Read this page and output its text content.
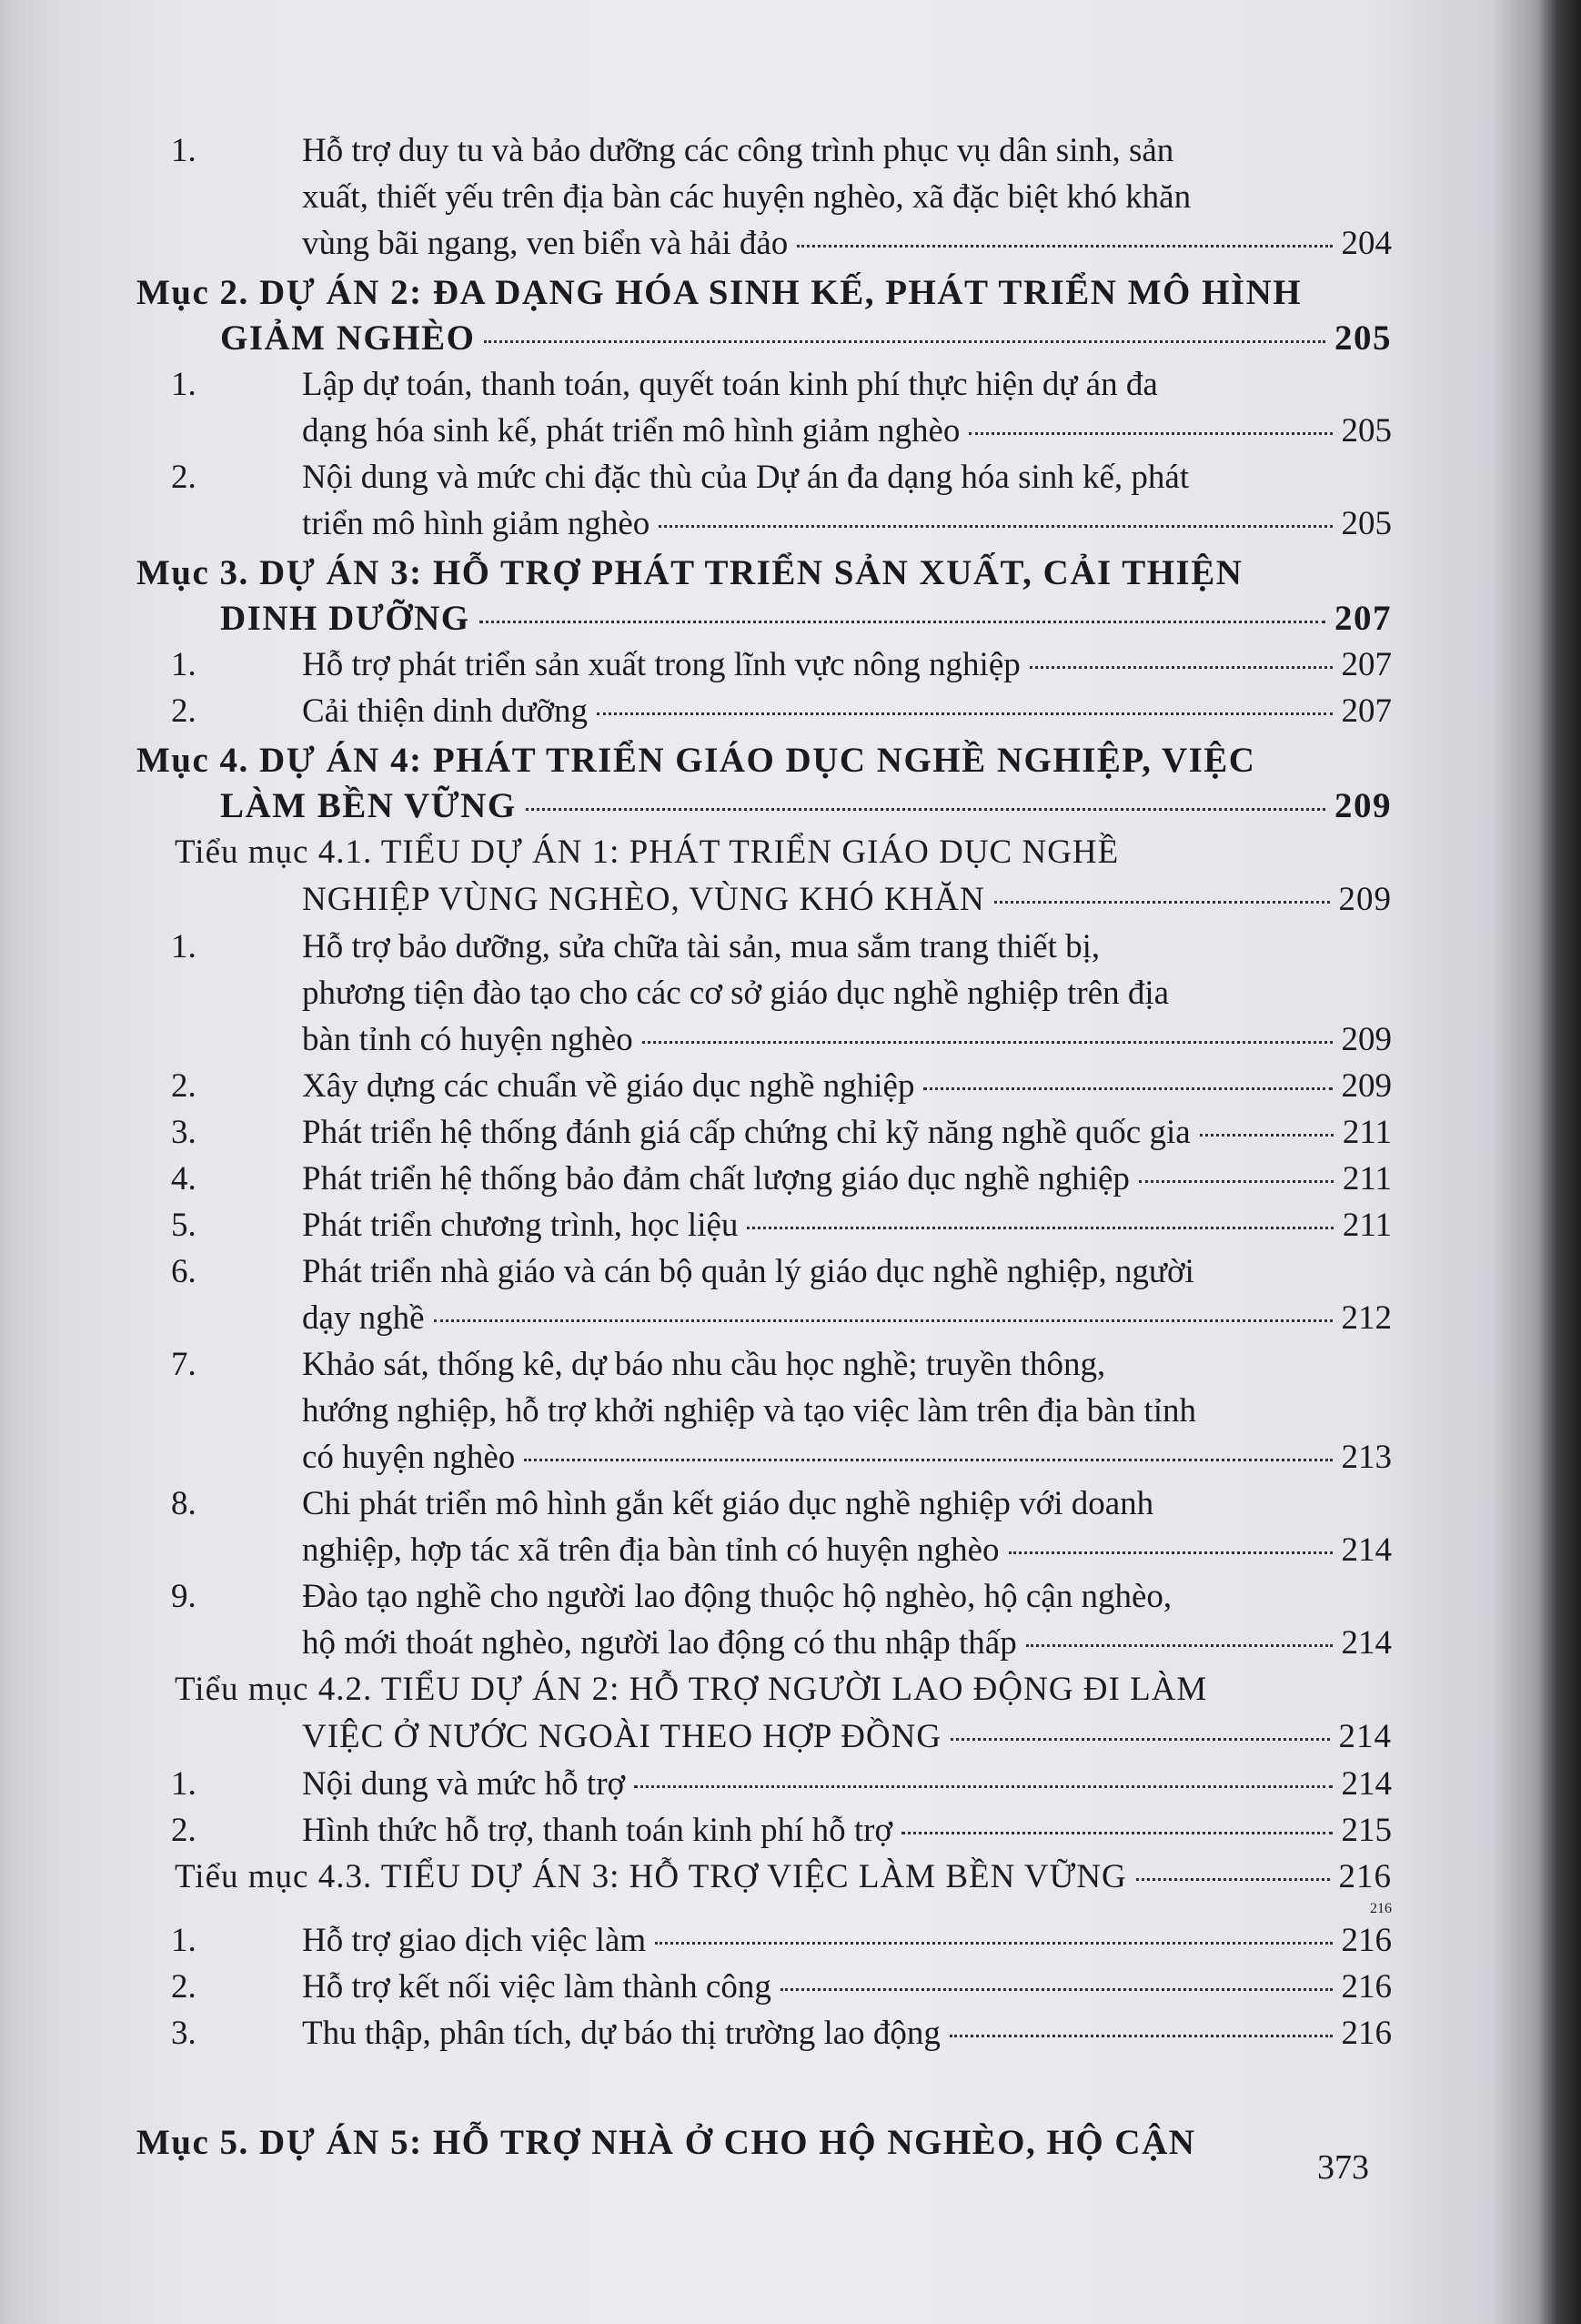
1.	Hỗ trợ duy tu và bảo dưỡng các công trình phục vụ dân sinh, sản
xuất, thiết yếu trên địa bàn các huyện nghèo, xã đặc biệt khó khăn
vùng bãi ngang, ven biển và hải đảo	204
Mục 2. DỰ ÁN 2: ĐA DẠNG HÓA SINH KẾ, PHÁT TRIỂN MÔ HÌNH
GIẢM NGHÈO	205
1.	Lập dự toán, thanh toán, quyết toán kinh phí thực hiện dự án đa
dạng hóa sinh kế, phát triển mô hình giảm nghèo	205
2.	Nội dung và mức chi đặc thù của Dự án đa dạng hóa sinh kế, phát
triển mô hình giảm nghèo	205
Mục 3. DỰ ÁN 3: HỖ TRỢ PHÁT TRIỂN SẢN XUẤT, CẢI THIỆN
DINH DƯỠNG	207
1.	Hỗ trợ phát triển sản xuất trong lĩnh vực nông nghiệp	207
2.	Cải thiện dinh dưỡng	207
Mục 4. DỰ ÁN 4: PHÁT TRIỂN GIÁO DỤC NGHỀ NGHIỆP, VIỆC
LÀM BỀN VỮNG	209
Tiểu mục 4.1. TIỂU DỰ ÁN 1: PHÁT TRIỂN GIÁO DỤC NGHỀ
NGHIỆP VÙNG NGHÈO, VÙNG KHÓ KHĂN	209
1.	Hỗ trợ bảo dưỡng, sửa chữa tài sản, mua sắm trang thiết bị,
phương tiện đào tạo cho các cơ sở giáo dục nghề nghiệp trên địa
bàn tỉnh có huyện nghèo	209
2.	Xây dựng các chuẩn về giáo dục nghề nghiệp	209
3.	Phát triển hệ thống đánh giá cấp chứng chỉ kỹ năng nghề quốc gia	211
4.	Phát triển hệ thống bảo đảm chất lượng giáo dục nghề nghiệp	211
5.	Phát triển chương trình, học liệu	211
6.	Phát triển nhà giáo và cán bộ quản lý giáo dục nghề nghiệp, người
dạy nghề	212
7.	Khảo sát, thống kê, dự báo nhu cầu học nghề; truyền thông,
hướng nghiệp, hỗ trợ khởi nghiệp và tạo việc làm trên địa bàn tỉnh
có huyện nghèo	213
8.	Chi phát triển mô hình gắn kết giáo dục nghề nghiệp với doanh
nghiệp, hợp tác xã trên địa bàn tỉnh có huyện nghèo	214
9.	Đào tạo nghề cho người lao động thuộc hộ nghèo, hộ cận nghèo,
hộ mới thoát nghèo, người lao động có thu nhập thấp	214
Tiểu mục 4.2. TIỂU DỰ ÁN 2: HỖ TRỢ NGƯỜI LAO ĐỘNG ĐI LÀM
VIỆC Ở NƯỚC NGOÀI THEO HỢP ĐỒNG	214
1.	Nội dung và mức hỗ trợ	214
2.	Hình thức hỗ trợ, thanh toán kinh phí hỗ trợ	215
Tiểu mục 4.3. TIỂU DỰ ÁN 3: HỖ TRỢ VIỆC LÀM BỀN VỮNG	216
216
1.	Hỗ trợ giao dịch việc làm	216
2.	Hỗ trợ kết nối việc làm thành công	216
3.	Thu thập, phân tích, dự báo thị trường lao động	216
Mục 5. DỰ ÁN 5: HỖ TRỢ NHÀ Ở CHO HỘ NGHÈO, HỘ CẬN
373
